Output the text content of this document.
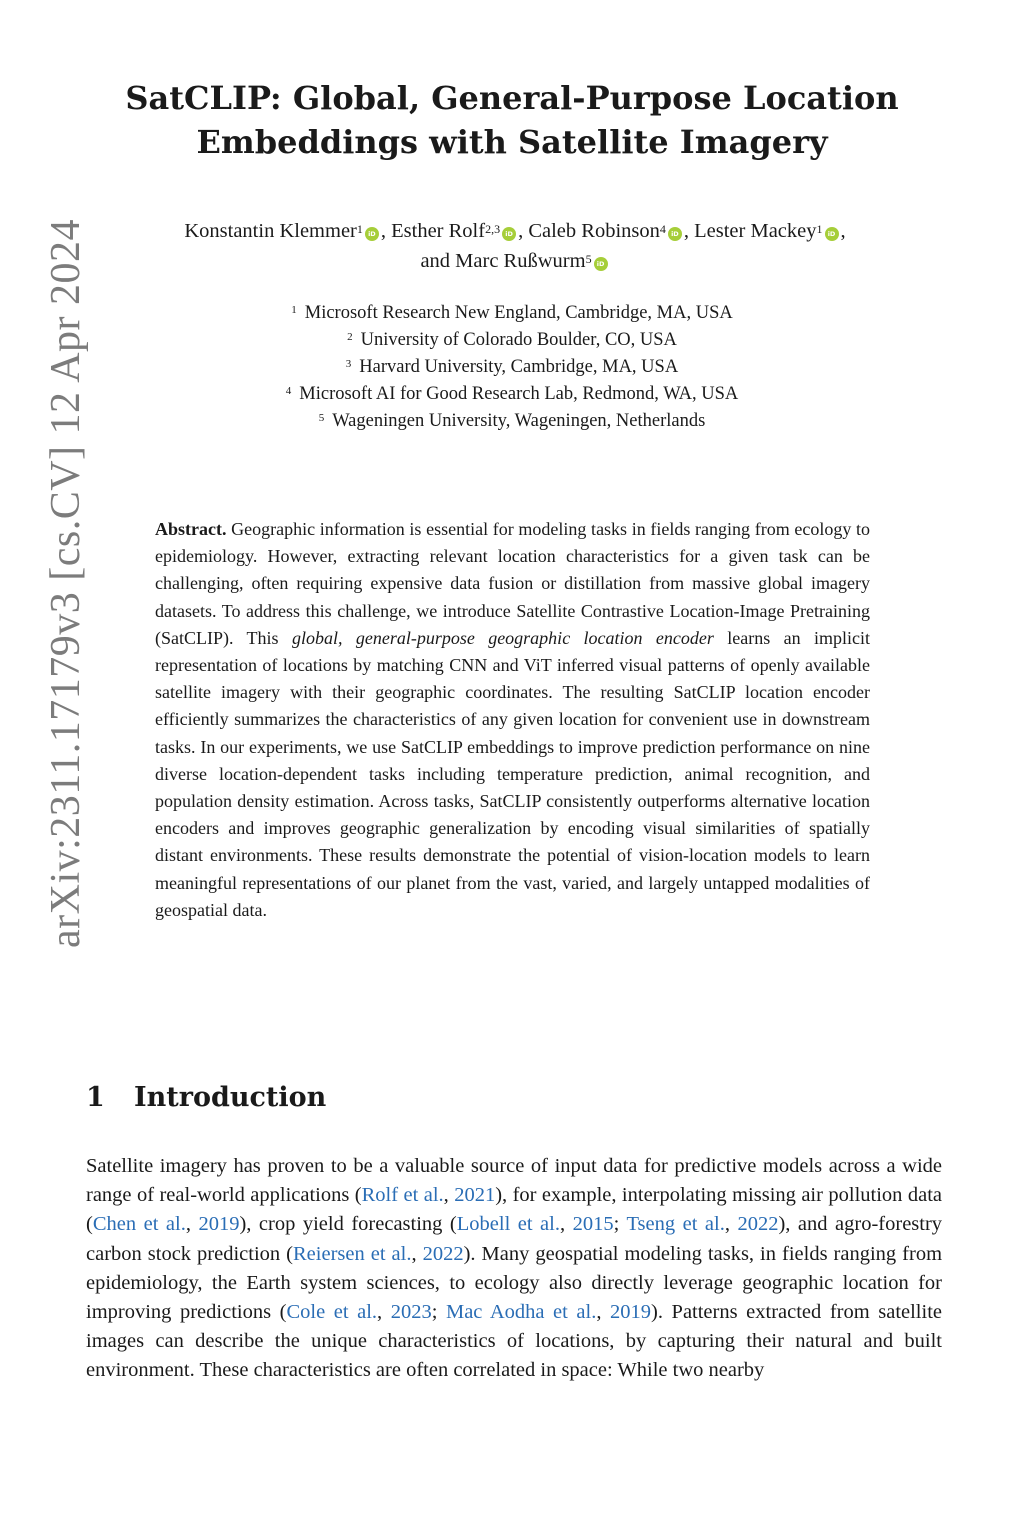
arXiv:2311.17179v3 [cs.CV] 12 Apr 2024
SatCLIP: Global, General-Purpose Location
Embeddings with Satellite Imagery
Konstantin Klemmer$^1$ iD , Esther Rolf$^{2,3}$ iD , Caleb Robinson$^4$ iD , Lester Mackey$^1$ iD ,
and Marc Rußwurm$^5$ iD
$^1$ Microsoft Research New England, Cambridge, MA, USA
$^2$ University of Colorado Boulder, CO, USA
$^3$ Harvard University, Cambridge, MA, USA
$^4$ Microsoft AI for Good Research Lab, Redmond, WA, USA
$^5$ Wageningen University, Wageningen, Netherlands
Abstract. Geographic information is essential for modeling tasks in fields ranging from ecology to epidemiology. However, extracting relevant location characteristics for a given task can be challenging, often requiring expensive data fusion or distillation from massive global imagery datasets. To address this challenge, we introduce Satellite Contrastive Location-Image Pretraining (SatCLIP). This global, general-purpose geographic location encoder learns an implicit representation of locations by matching CNN and ViT inferred visual patterns of openly available satellite imagery with their geographic coordinates. The resulting SatCLIP location encoder efficiently summarizes the characteristics of any given location for convenient use in downstream tasks. In our experiments, we use SatCLIP embeddings to improve prediction performance on nine diverse location-dependent tasks including temperature prediction, animal recognition, and population density estimation. Across tasks, SatCLIP consistently outperforms alternative location encoders and improves geographic generalization by encoding visual similarities of spatially distant environments. These results demonstrate the potential of vision-location models to learn meaningful representations of our planet from the vast, varied, and largely untapped modalities of geospatial data.
1 Introduction
Satellite imagery has proven to be a valuable source of input data for predictive models across a wide range of real-world applications (Rolf et al., 2021), for example, interpolating missing air pollution data (Chen et al., 2019), crop yield forecasting (Lobell et al., 2015; Tseng et al., 2022), and agro-forestry carbon stock prediction (Reiersen et al., 2022). Many geospatial modeling tasks, in fields ranging from epidemiology, the Earth system sciences, to ecology also directly leverage geographic location for improving predictions (Cole et al., 2023; Mac Aodha et al., 2019). Patterns extracted from satellite images can describe the unique characteristics of locations, by capturing their natural and built environment. These characteristics are often correlated in space: While two nearby
